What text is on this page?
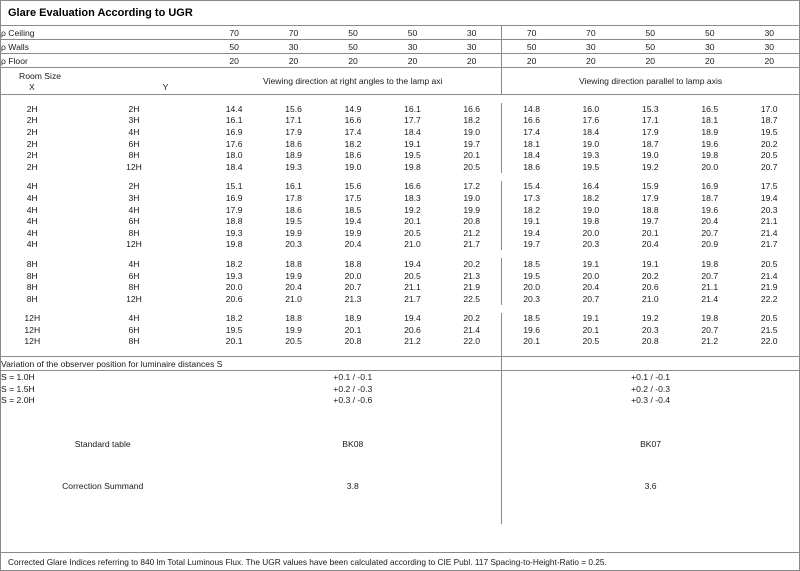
Glare Evaluation According to UGR
ρ Ceiling		70	70	50	50	30	70	70	50	50	30
ρ Walls		50	30	50	30	30	50	30	50	30	30
ρ Floor		20	20	20	20	20	20	20	20	20	20

Room Size
X Y		Viewing direction at right angles to the lamp axi					Viewing direction parallel to lamp axis				

2H	2H	14.4	15.6	14.9	16.1	16.6	14.8	16.0	15.3	16.5	17.0
2H	3H	16.1	17.1	16.6	17.7	18.2	16.6	17.6	17.1	18.1	18.7
2H	4H	16.9	17.9	17.4	18.4	19.0	17.4	18.4	17.9	18.9	19.5
2H	6H	17.6	18.6	18.2	19.1	19.7	18.1	19.0	18.7	19.6	20.2
2H	8H	18.0	18.9	18.6	19.5	20.1	18.4	19.3	19.0	19.8	20.5
2H	12H	18.4	19.3	19.0	19.8	20.5	18.6	19.5	19.2	20.0	20.7

4H	2H	15.1	16.1	15.6	16.6	17.2	15.4	16.4	15.9	16.9	17.5
4H	3H	16.9	17.8	17.5	18.3	19.0	17.3	18.2	17.9	18.7	19.4
4H	4H	17.9	18.6	18.5	19.2	19.9	18.2	19.0	18.8	19.6	20.3
4H	6H	18.8	19.5	19.4	20.1	20.8	19.1	19.8	19.7	20.4	21.1
4H	8H	19.3	19.9	19.9	20.5	21.2	19.4	20.0	20.1	20.7	21.4
4H	12H	19.8	20.3	20.4	21.0	21.7	19.7	20.3	20.4	20.9	21.7

8H	4H	18.2	18.8	18.8	19.4	20.2	18.5	19.1	19.1	19.8	20.5
8H	6H	19.3	19.9	20.0	20.5	21.3	19.5	20.0	20.2	20.7	21.4
8H	8H	20.0	20.4	20.7	21.1	21.9	20.0	20.4	20.6	21.1	21.9
8H	12H	20.6	21.0	21.3	21.7	22.5	20.3	20.7	21.0	21.4	22.2

12H	4H	18.2	18.8	18.9	19.4	20.2	18.5	19.1	19.2	19.8	20.5
12H	6H	19.5	19.9	20.1	20.6	21.4	19.6	20.1	20.3	20.7	21.5
12H	8H	20.1	20.5	20.8	21.2	22.0	20.1	20.5	20.8	21.2	22.0

Variation of the observer position for luminaire distances S											
S = 1.0H		+0.1 / -0.1					+0.1 / -0.1				
S = 1.5H		+0.2 / -0.3					+0.2 / -0.3				
S = 2.0H		+0.3 / -0.6					+0.3 / -0.4				

Standard table		BK08					BK07				

Correction Summand		3.8					3.6				

Corrected Glare Indices referring to 840 lm Total Luminous Flux. The UGR values have been calculated according to CIE Publ. 117 Spacing-to-Height-Ratio = 0.25.
